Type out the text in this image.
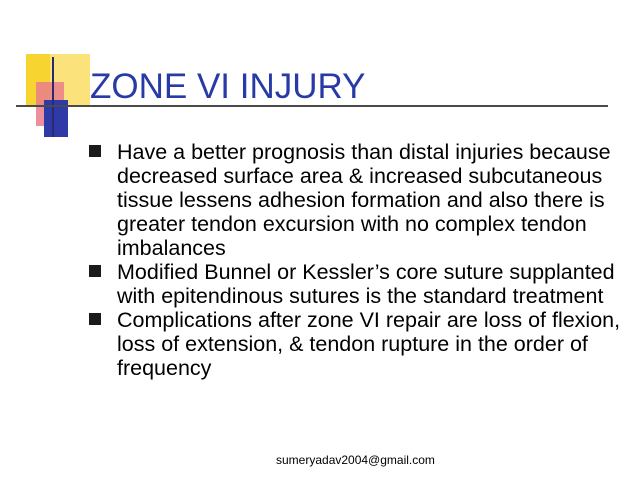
ZONE VI INJURY
Have a better prognosis than distal injuries because decreased surface area & increased subcutaneous tissue lessens adhesion formation and also there is greater tendon excursion with no complex tendon imbalances
Modified Bunnel or Kessler’s core suture supplanted with epitendinous sutures is the standard treatment
Complications after zone VI repair are loss of flexion, loss of extension, & tendon rupture in the order of frequency
sumeryadav2004@gmail.com
